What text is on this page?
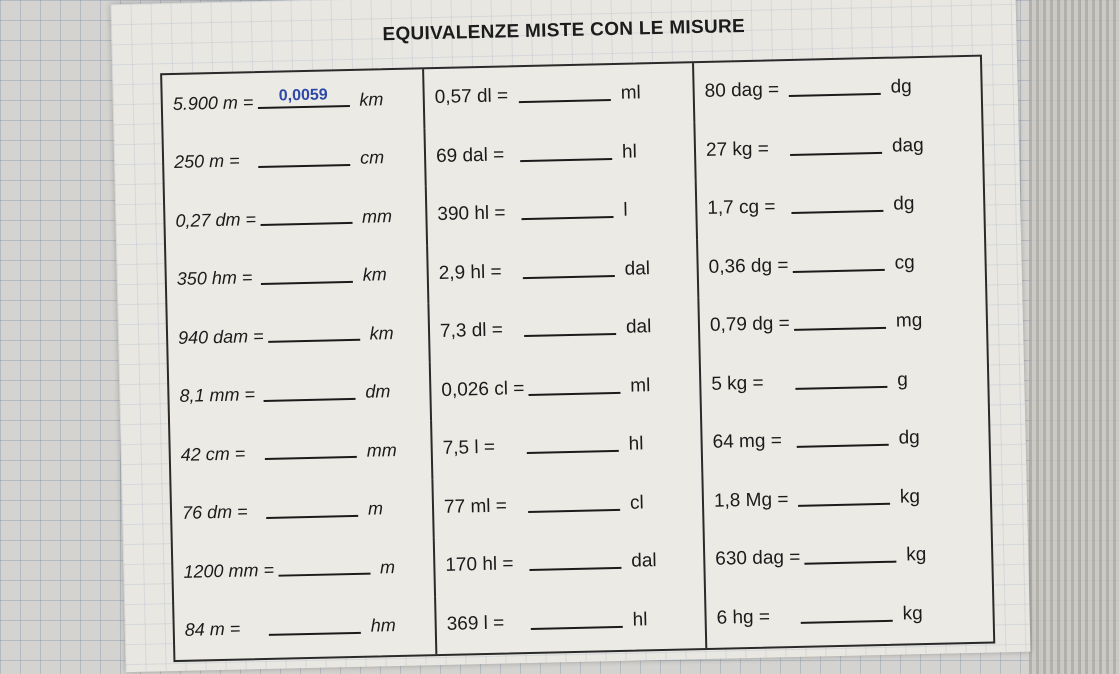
EQUIVALENZE MISTE CON LE MISURE
5.900 m =	0,0059	km	0,57 dl =	ml	80 dag =	dg
250 m =	cm	69 dal =	hl	27 kg =	dag
0,27 dm =	mm	390 hl =	l	1,7 cg =	dg
350 hm =	km	2,9 hl =	dal	0,36 dg =	cg
940 dam =	km	7,3 dl =	dal	0,79 dg =	mg
8,1 mm =	dm	0,026 cl =	ml	5 kg =	g
42 cm =	mm	7,5 l =	hl	64 mg =	dg
76 dm =	m	77 ml =	cl	1,8 Mg =	kg
1200 mm =	m	170 hl =	dal	630 dag =	kg
84 m =	hm	369 l =	hl	6 hg =	kg
